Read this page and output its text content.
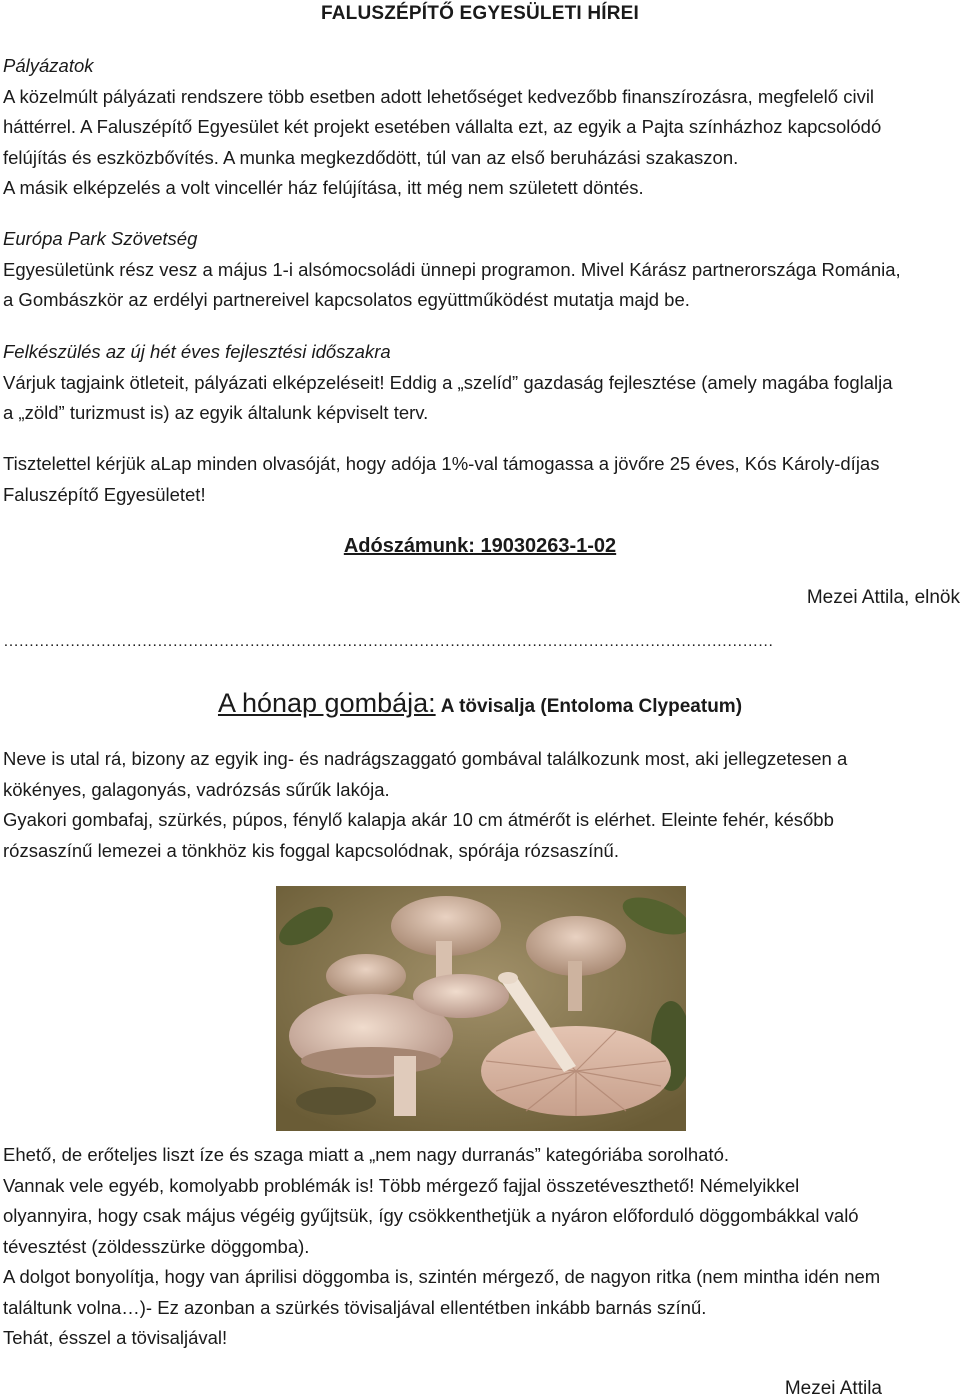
FALUSZÉPÍTŐ EGYESÜLETI HÍREI
Pályázatok
A közelmúlt pályázati rendszere több esetben adott lehetőséget kedvezőbb finanszírozásra, megfelelő civil
háttérrel. A Faluszépítő Egyesület két projekt esetében vállalta ezt, az egyik a Pajta színházhoz kapcsolódó
felújítás és eszközbővítés. A munka megkezdődött, túl van az első beruházási szakaszon.
A másik elképzelés a volt vincellér ház felújítása, itt még nem született döntés.
Európa Park Szövetség
Egyesületünk rész vesz a május 1-i alsómocsoládi ünnepi programon. Mivel Kárász partnerországa Románia,
a Gombászkör az erdélyi partnereivel kapcsolatos együttműködést mutatja majd be.
Felkészülés az új hét éves fejlesztési időszakra
Várjuk tagjaink ötleteit, pályázati elképzeléseit! Eddig a „szelíd” gazdaság fejlesztése (amely magába foglalja
a „zöld” turizmust is) az egyik általunk képviselt terv.
Tisztelettel kérjük aLap minden olvasóját, hogy adója 1%-val támogassa a jövőre 25 éves, Kós Károly-díjas
Faluszépítő Egyesületet!
Adószámunk: 19030263-1-02
Mezei Attila, elnök
……………………………………………………………………………………………………………………………………
A hónap gombája: A tövisalja (Entoloma Clypeatum)
Neve is utal rá, bizony az egyik ing- és nadrágszaggató gombával találkozunk most, aki jellegzetesen a
kökényes, galagonyás, vadrózsás sűrűk lakója.
Gyakori gombafaj, szürkés, púpos, fénylő kalapja akár 10 cm átmérőt is elérhet. Eleinte fehér, később
rózsaszínű lemezei a tönkhöz kis foggal kapcsolódnak, spórája rózsaszínű.
Ehető, de erőteljes liszt íze és szaga miatt a „nem nagy durranás” kategóriába sorolható.
Vannak vele egyéb, komolyabb problémák is! Több mérgező fajjal összetéveszthető! Némelyikkel
olyannyira, hogy csak május végéig gyűjtsük, így csökkenthetjük a nyáron előforduló döggombákkal való
tévesztést (zöldesszürke döggomba).
A dolgot bonyolítja, hogy van áprilisi döggomba is, szintén mérgező, de nagyon ritka (nem mintha idén nem
találtunk volna…)- Ez azonban a szürkés tövisaljával ellentétben inkább barnás színű.
Tehát, ésszel a tövisaljával!
Mezei Attila
